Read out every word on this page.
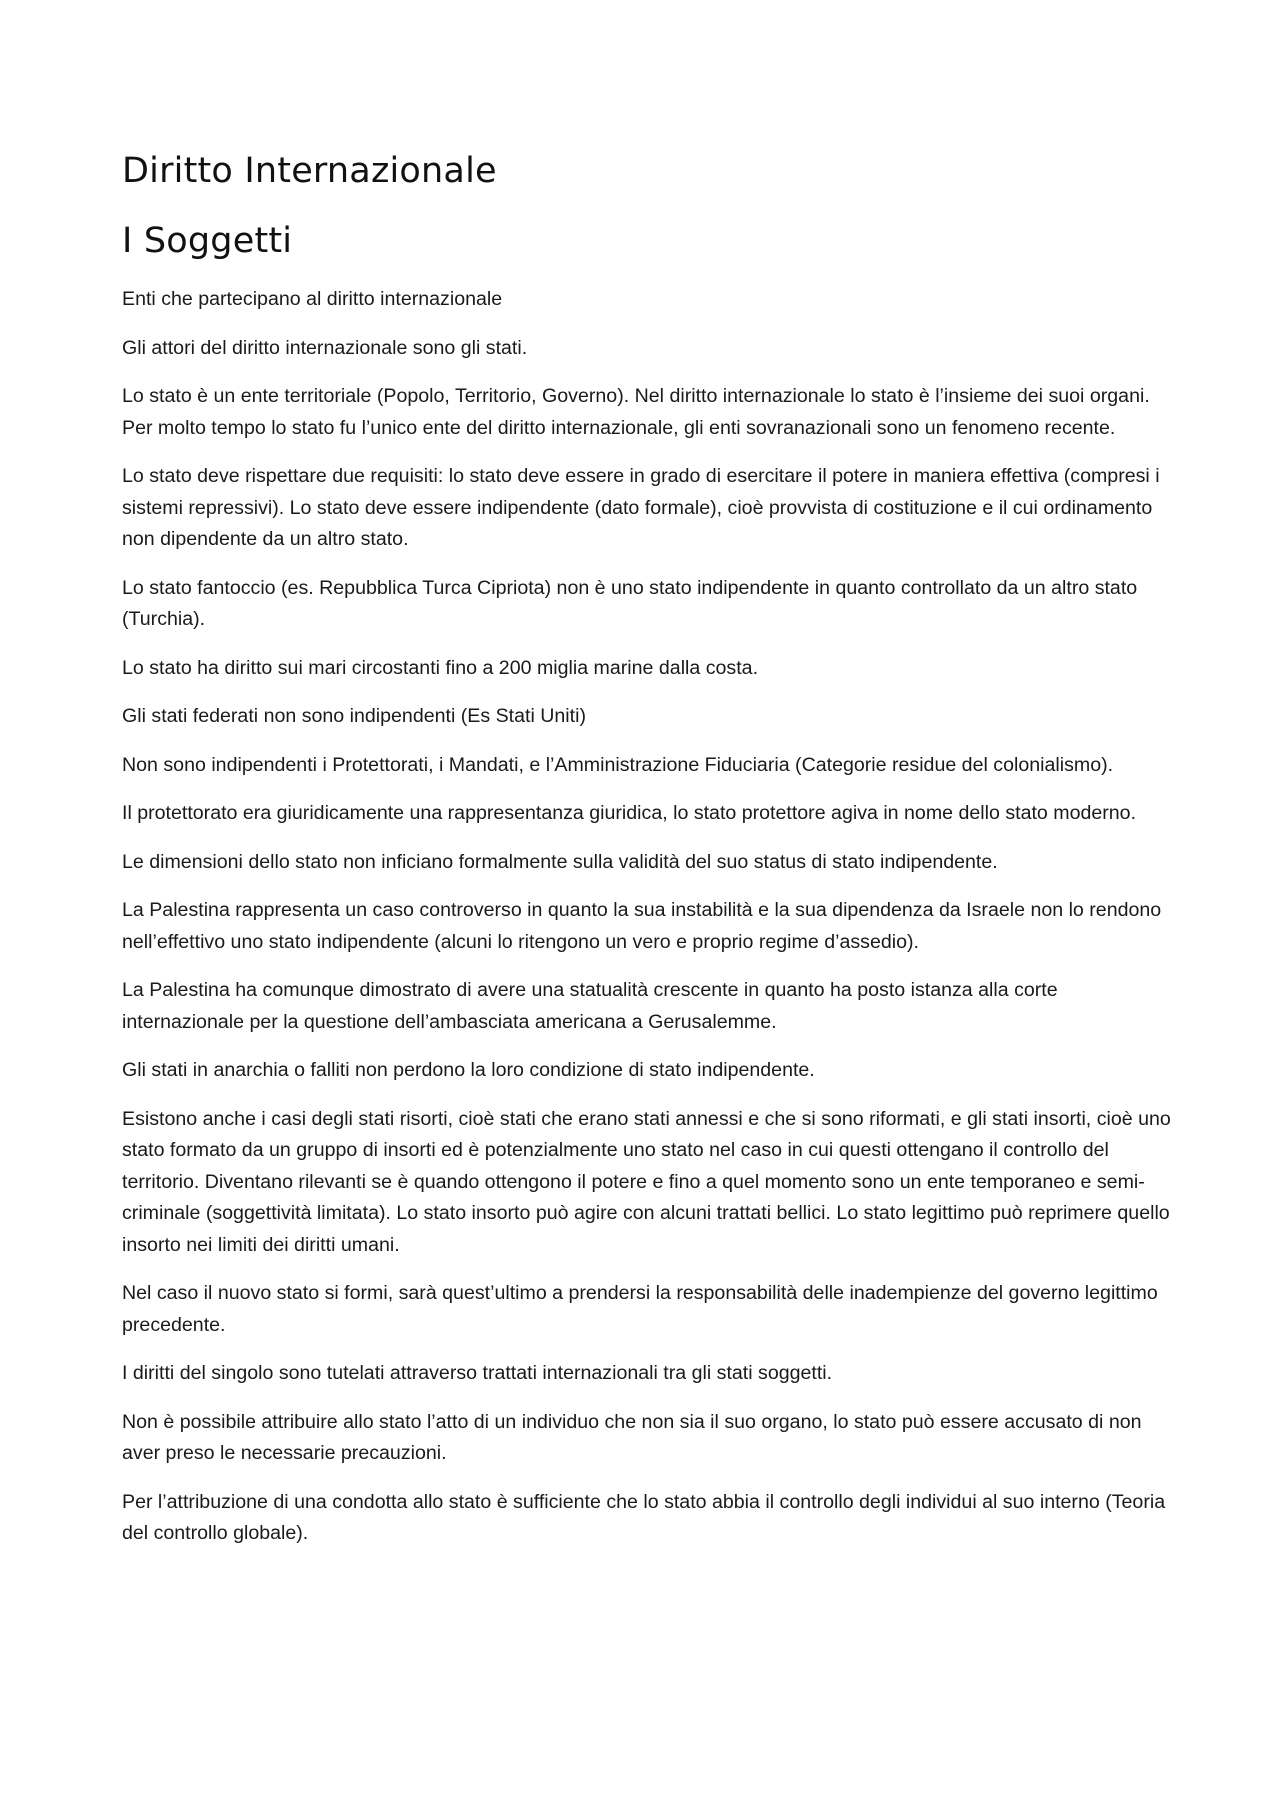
Diritto Internazionale
I Soggetti

Enti che partecipano al diritto internazionale

Gli attori del diritto internazionale sono gli stati.

Lo stato è un ente territoriale (Popolo, Territorio, Governo). Nel diritto internazionale lo stato è l’insieme dei suoi organi. Per molto tempo lo stato fu l’unico ente del diritto internazionale, gli enti sovranazionali sono un fenomeno recente.

Lo stato deve rispettare due requisiti: lo stato deve essere in grado di esercitare il potere in maniera effettiva (compresi i sistemi repressivi). Lo stato deve essere indipendente (dato formale), cioè provvista di costituzione e il cui ordinamento non dipendente da un altro stato.

Lo stato fantoccio (es. Repubblica Turca Cipriota) non è uno stato indipendente in quanto controllato da un altro stato (Turchia).

Lo stato ha diritto sui mari circostanti fino a 200 miglia marine dalla costa.

Gli stati federati non sono indipendenti (Es Stati Uniti)

Non sono indipendenti i Protettorati, i Mandati, e l’Amministrazione Fiduciaria (Categorie residue del colonialismo).

Il protettorato era giuridicamente una rappresentanza giuridica, lo stato protettore agiva in nome dello stato moderno.

Le dimensioni dello stato non inficiano formalmente sulla validità del suo status di stato indipendente.

La Palestina rappresenta un caso controverso in quanto la sua instabilità e la sua dipendenza da Israele non lo rendono nell’effettivo uno stato indipendente (alcuni lo ritengono un vero e proprio regime d’assedio).

La Palestina ha comunque dimostrato di avere una statualità crescente in quanto ha posto istanza alla corte internazionale per la questione dell’ambasciata americana a Gerusalemme.

Gli stati in anarchia o falliti non perdono la loro condizione di stato indipendente.

Esistono anche i casi degli stati risorti, cioè stati che erano stati annessi e che si sono riformati, e gli stati insorti, cioè uno stato formato da un gruppo di insorti ed è potenzialmente uno stato nel caso in cui questi ottengano il controllo del territorio. Diventano rilevanti se è quando ottengono il potere e fino a quel momento sono un ente temporaneo e semi-criminale (soggettività limitata). Lo stato insorto può agire con alcuni trattati bellici. Lo stato legittimo può reprimere quello insorto nei limiti dei diritti umani.

Nel caso il nuovo stato si formi, sarà quest’ultimo a prendersi la responsabilità delle inadempienze del governo legittimo precedente.

I diritti del singolo sono tutelati attraverso trattati internazionali tra gli stati soggetti.

Non è possibile attribuire allo stato l’atto di un individuo che non sia il suo organo, lo stato può essere accusato di non aver preso le necessarie precauzioni.

Per l’attribuzione di una condotta allo stato è sufficiente che lo stato abbia il controllo degli individui al suo interno (Teoria del controllo globale).
